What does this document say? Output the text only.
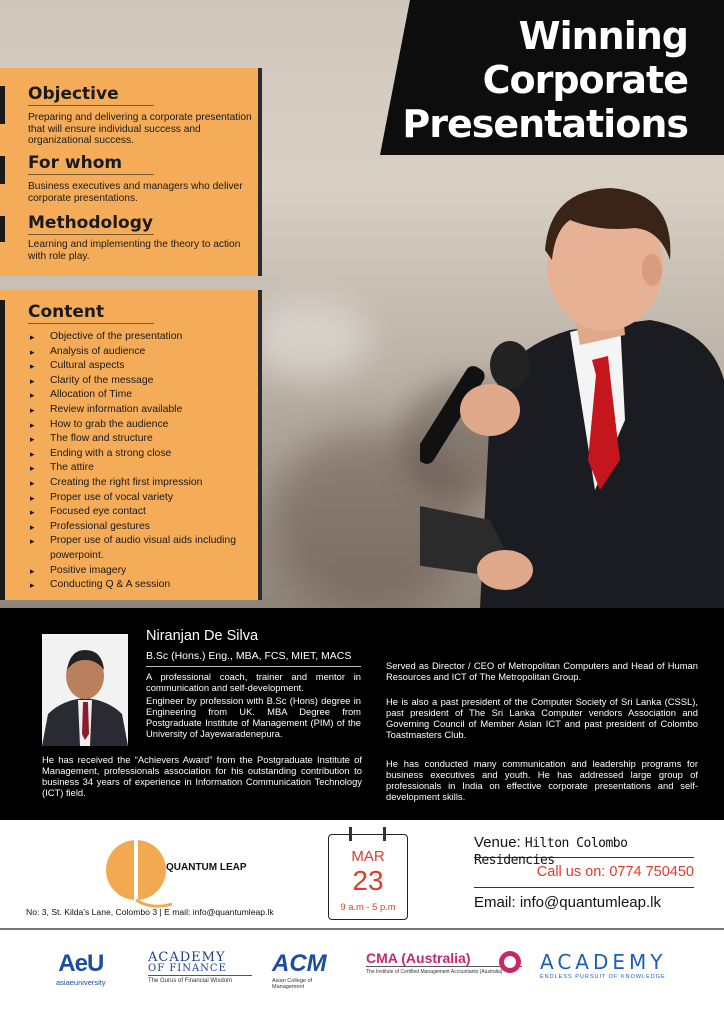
Winning
Corporate
Presentations
Objective
Preparing and delivering a corporate presentation that will ensure individual success and organizational success.
For whom
Business executives and managers who deliver corporate presentations.
Methodology
Learning and implementing the theory to action with role play.
Content
▸ Objective of the presentation
▸ Analysis of audience
▸ Cultural aspects
▸ Clarity of the message
▸ Allocation of Time
▸ Review information available
▸ How to grab the audience
▸ The flow and structure
▸ Ending with a strong close
▸ The attire
▸ Creating the right first impression
▸ Proper use of vocal variety
▸ Focused eye contact
▸ Professional gestures
▸ Proper use of audio visual aids including powerpoint.
▸ Positive imagery
▸ Conducting Q & A session
Niranjan De Silva
B.Sc (Hons.) Eng., MBA, FCS, MIET, MACS
A professional coach, trainer and mentor in communication and self-development.
Engineer by profession with B.Sc (Hons) degree in Engineering from UK. MBA Degree from Postgraduate Institute of Management (PIM) of the University of Jayewaradenepura.
He has received the “Achievers Award” from the Postgraduate Institute of Management, professionals association for his outstanding contribution to business 34 years of experience in Information Communication Technology (ICT) field.
Served as Director / CEO of Metropolitan Computers and Head of Human Resources and ICT of The Metropolitan Group.
He is also a past president of the Computer Society of Sri Lanka (CSSL), past president of The Sri Lanka Computer vendors Association and Governing Council of Member Asian ICT and past president of Colombo Toastmasters Club.
He has conducted many communication and leadership programs for business executives and youth. He has addressed large group of professionals in India on effective corporate presentations and self-development skills.
QUANTUM LEAP
No: 3, St. Kilda's Lane, Colombo 3 | E mail: info@quantumleap.lk
MAR
23
9 a.m - 5 p.m
Venue: Hilton Colombo Residencies
Call us on: 0774 750450
Email: info@quantumleap.lk
AeU
asiaeuniversity
ACADEMY
OF FINANCE
The Gurus of Financial Wisdom
ACM
Asian College of Management
CMA (Australia)
The Institute of Certified Management Accountants (Australia)	ACADEMY
ENDLESS PURSUIT OF KNOWLEDGE
